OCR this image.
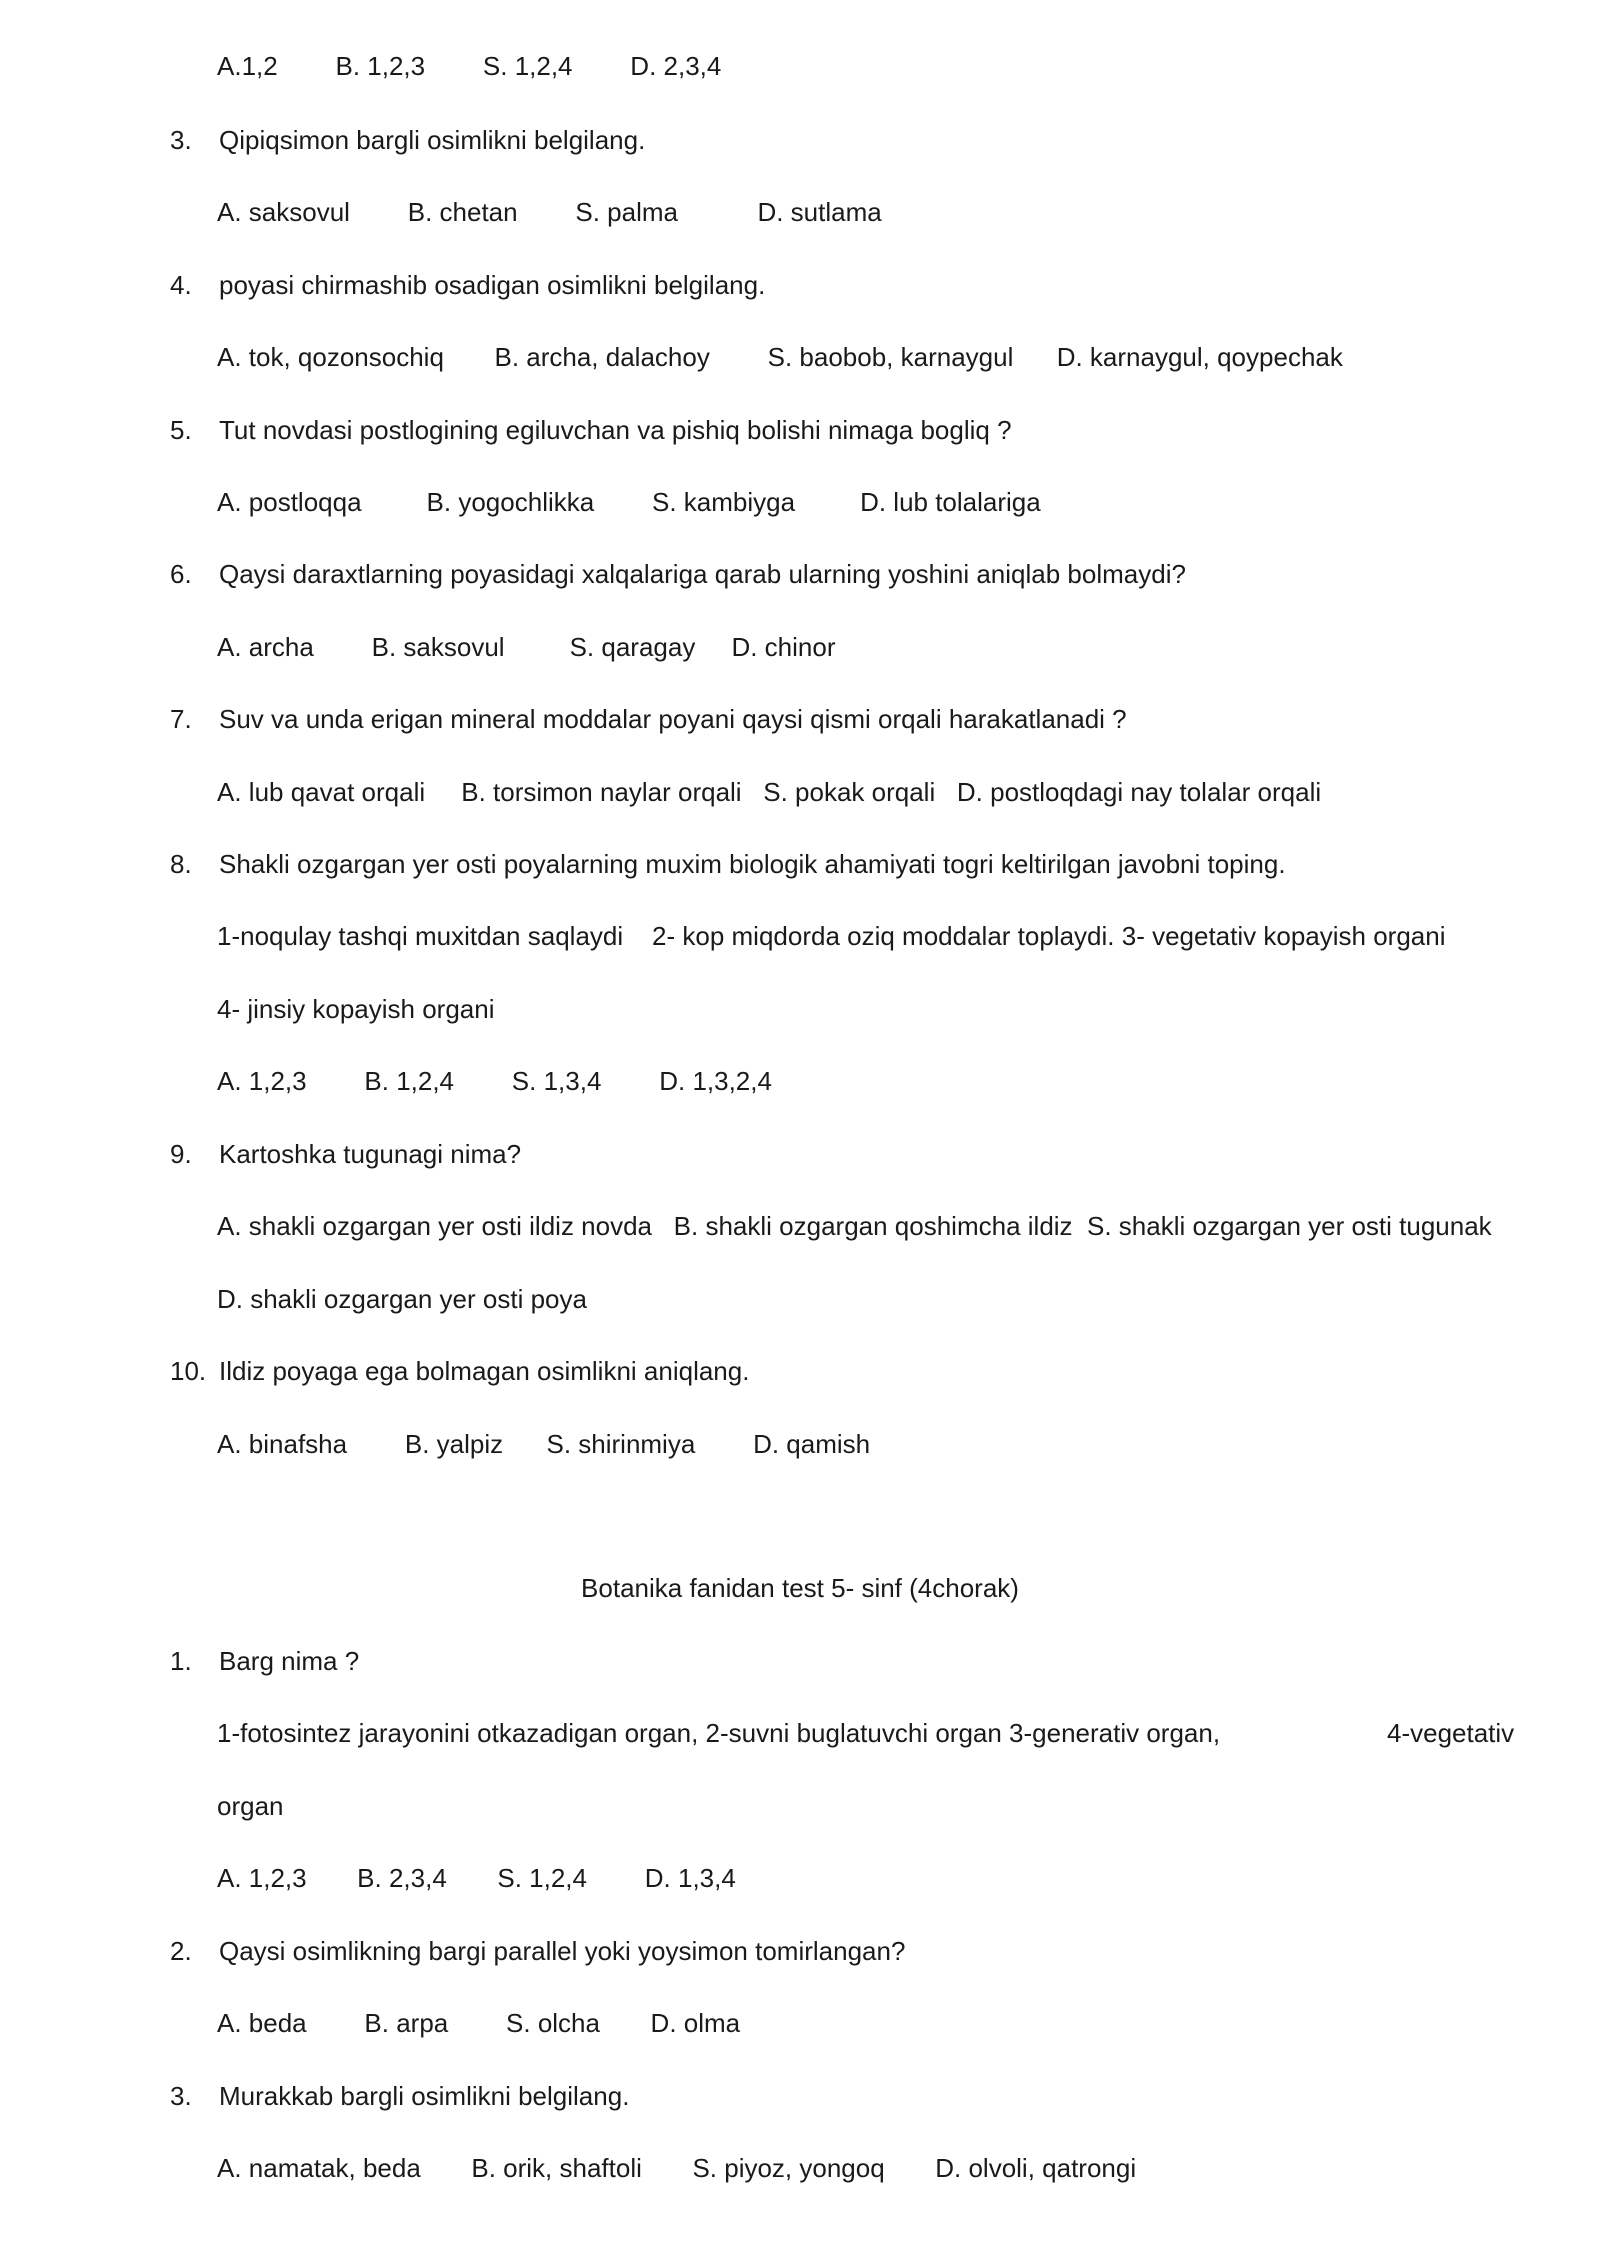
A.1,2        B. 1,2,3        S. 1,2,4        D. 2,3,4
3. Qipiqsimon bargli osimlikni belgilang.
A. saksovul        B. chetan        S. palma           D. sutlama
4. poyasi chirmashib osadigan osimlikni belgilang.
A. tok, qozonsochiq       B. archa, dalachoy        S. baobob, karnaygul      D. karnaygul, qoypechak
5. Tut novdasi postlogining egiluvchan va pishiq bolishi nimaga bogliq ?
A. postloqqa         B. yogochlikka        S. kambiyga         D. lub tolalariga
6. Qaysi daraxtlarning poyasidagi xalqalariga qarab ularning yoshini aniqlab bolmaydi?
A. archa        B. saksovul         S. qaragay     D. chinor
7. Suv va unda erigan mineral moddalar poyani qaysi qismi orqali harakatlanadi ?
A. lub qavat orqali     B. torsimon naylar orqali   S. pokak orqali   D. postloqdagi nay tolalar orqali
8. Shakli ozgargan yer osti poyalarning muxim biologik ahamiyati togri keltirilgan javobni toping.
1-noqulay tashqi muxitdan saqlaydi    2- kop miqdorda oziq moddalar toplaydi. 3- vegetativ kopayish organi
4- jinsiy kopayish organi
A. 1,2,3        B. 1,2,4        S. 1,3,4        D. 1,3,2,4
9. Kartoshka tugunagi nima?
A. shakli ozgargan yer osti ildiz novda   B. shakli ozgargan qoshimcha ildiz  S. shakli ozgargan yer osti tugunak
D. shakli ozgargan yer osti poya
10. Ildiz poyaga ega bolmagan osimlikni aniqlang.
A. binafsha        B. yalpiz      S. shirinmiya        D. qamish
Botanika fanidan test 5- sinf (4chorak)
1. Barg nima ?
1-fotosintez jarayonini otkazadigan organ, 2-suvni buglatuvchi organ 3-generativ organ,	4-vegetativ
organ
A. 1,2,3       B. 2,3,4       S. 1,2,4        D. 1,3,4
2. Qaysi osimlikning bargi parallel yoki yoysimon tomirlangan?
A. beda        B. arpa        S. olcha       D. olma
3. Murakkab bargli osimlikni belgilang.
A. namatak, beda       B. orik, shaftoli       S. piyoz, yongoq       D. olvoli, qatrongi
